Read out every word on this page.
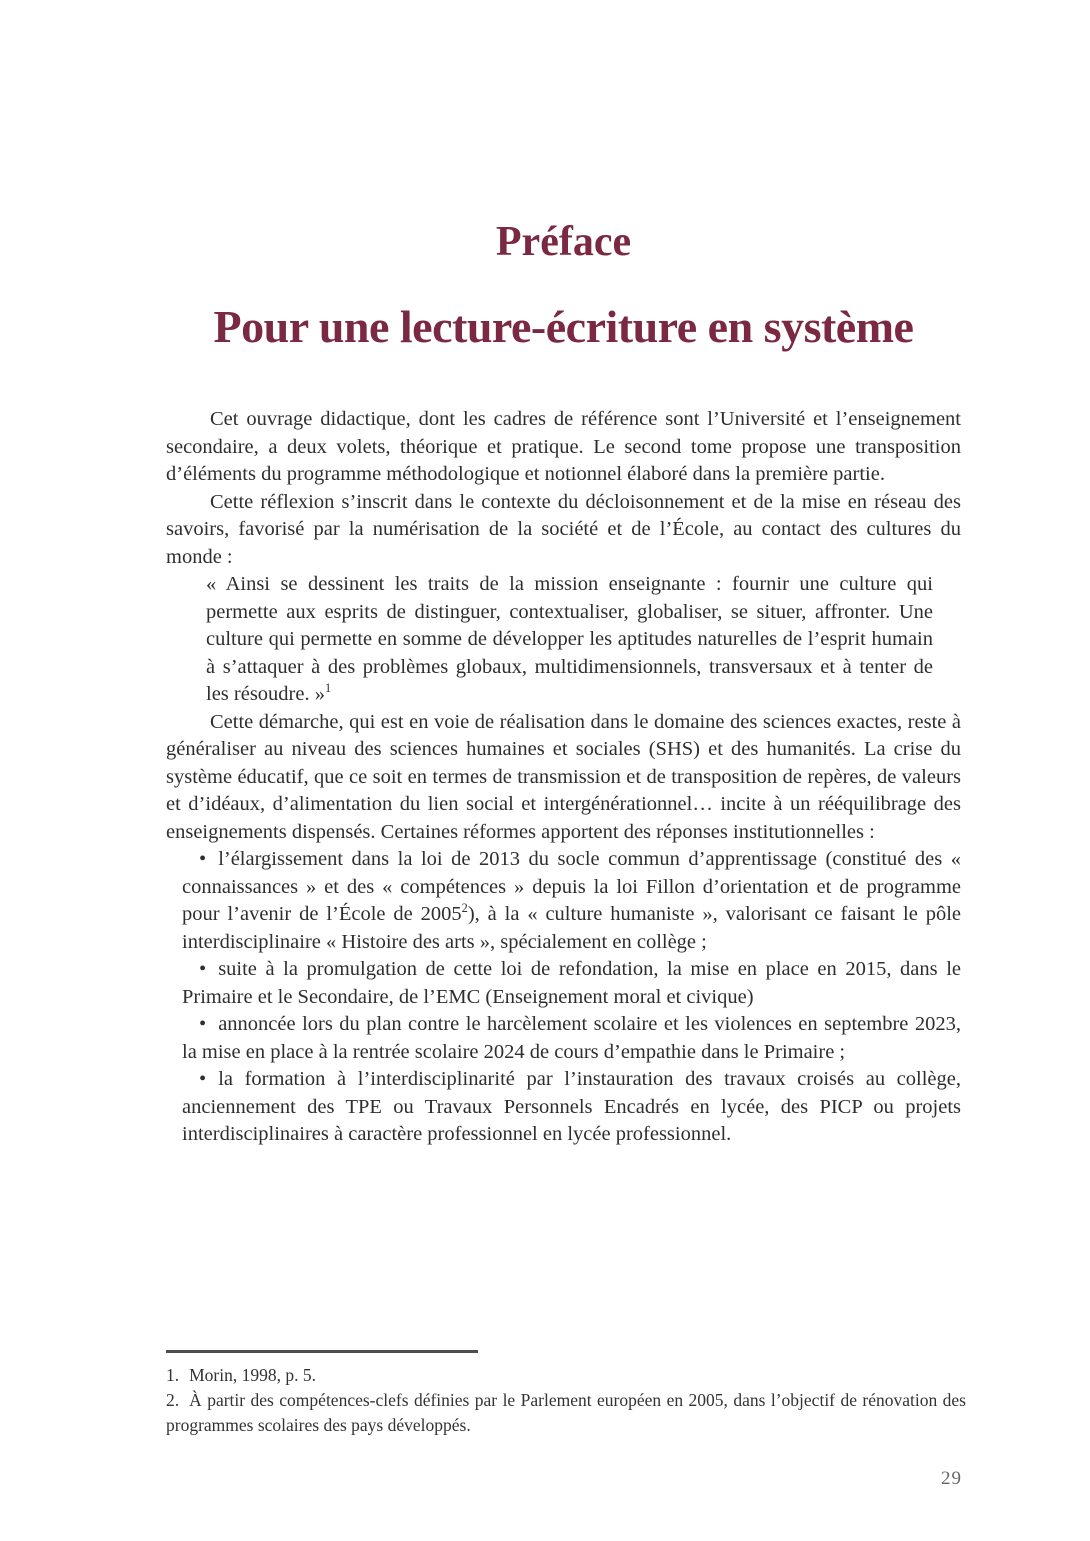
Préface
Pour une lecture-écriture en système

Cet ouvrage didactique, dont les cadres de référence sont l’Université et l’enseignement secondaire, a deux volets, théorique et pratique. Le second tome propose une transposition d’éléments du programme méthodologique et notionnel élaboré dans la première partie.

Cette réflexion s’inscrit dans le contexte du décloisonnement et de la mise en réseau des savoirs, favorisé par la numérisation de la société et de l’École, au contact des cultures du monde :

« Ainsi se dessinent les traits de la mission enseignante : fournir une culture qui permette aux esprits de distinguer, contextualiser, globaliser, se situer, affronter. Une culture qui permette en somme de développer les aptitudes naturelles de l’esprit humain à s’attaquer à des problèmes globaux, multidimensionnels, transversaux et à tenter de les résoudre. »$^1$

Cette démarche, qui est en voie de réalisation dans le domaine des sciences exactes, reste à généraliser au niveau des sciences humaines et sociales (SHS) et des humanités. La crise du système éducatif, que ce soit en termes de transmission et de transposition de repères, de valeurs et d’idéaux, d’alimentation du lien social et intergénérationnel… incite à un rééquilibrage des enseignements dispensés. Certaines réformes apportent des réponses institutionnelles :

• l’élargissement dans la loi de 2013 du socle commun d’apprentissage (constitué des « connaissances » et des « compétences » depuis la loi Fillon d’orientation et de programme pour l’avenir de l’École de 2005$^2$), à la « culture humaniste », valorisant ce faisant le pôle interdisciplinaire « Histoire des arts », spécialement en collège ;
• suite à la promulgation de cette loi de refondation, la mise en place en 2015, dans le Primaire et le Secondaire, de l’EMC (Enseignement moral et civique)
• annoncée lors du plan contre le harcèlement scolaire et les violences en septembre 2023, la mise en place à la rentrée scolaire 2024 de cours d’empathie dans le Primaire ;
• la formation à l’interdisciplinarité par l’instauration des travaux croisés au collège, anciennement des TPE ou Travaux Personnels Encadrés en lycée, des PICP ou projets interdisciplinaires à caractère professionnel en lycée professionnel.

1. Morin, 1998, p. 5.

2. À partir des compétences-clefs définies par le Parlement européen en 2005, dans l’objectif de rénovation des programmes scolaires des pays développés.

29
